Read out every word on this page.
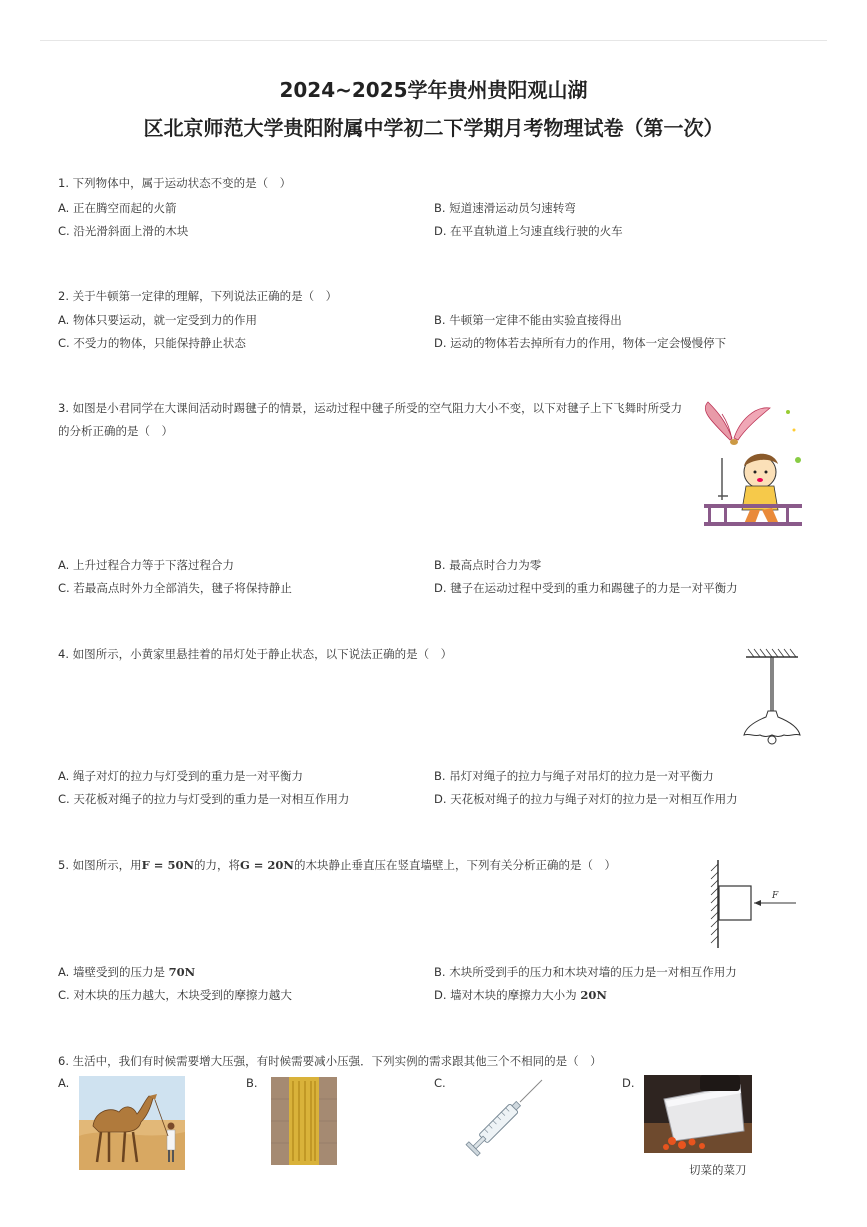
2024~2025学年贵州贵阳观山湖
区北京师范大学贵阳附属中学初二下学期月考物理试卷（第一次）
1. 下列物体中，属于运动状态不变的是（　）
A. 正在腾空而起的火箭	B. 短道速滑运动员匀速转弯
C. 沿光滑斜面上滑的木块	D. 在平直轨道上匀速直线行驶的火车
2. 关于牛顿第一定律的理解，下列说法正确的是（　）
A. 物体只要运动，就一定受到力的作用	B. 牛顿第一定律不能由实验直接得出
C. 不受力的物体，只能保持静止状态	D. 运动的物体若去掉所有力的作用，物体一定会慢慢停下
3. 如图是小君同学在大课间活动时踢毽子的情景，运动过程中毽子所受的空气阻力大小不变，以下对毽子上下飞舞时所受力
的分析正确的是（　）
A. 上升过程合力等于下落过程合力	B. 最高点时合力为零
C. 若最高点时外力全部消失，毽子将保持静止	D. 毽子在运动过程中受到的重力和踢毽子的力是一对平衡力
4. 如图所示，小黄家里悬挂着的吊灯处于静止状态，以下说法正确的是（　）
A. 绳子对灯的拉力与灯受到的重力是一对平衡力	B. 吊灯对绳子的拉力与绳子对吊灯的拉力是一对平衡力
C. 天花板对绳子的拉力与灯受到的重力是一对相互作用力	D. 天花板对绳子的拉力与绳子对灯的拉力是一对相互作用力
5. 如图所示，用F = 50N的力，将G = 20N的木块静止垂直压在竖直墙壁上，下列有关分析正确的是（　）
F
A. 墙壁受到的压力是 70N	B. 木块所受到手的压力和木块对墙的压力是一对相互作用力
C. 对木块的压力越大，木块受到的摩擦力越大	D. 墙对木块的摩擦力大小为 20N
6. 生活中，我们有时候需要增大压强，有时候需要减小压强．下列实例的需求跟其他三个不相同的是（　）
A.	B.	C.	D.
切菜的菜刀
